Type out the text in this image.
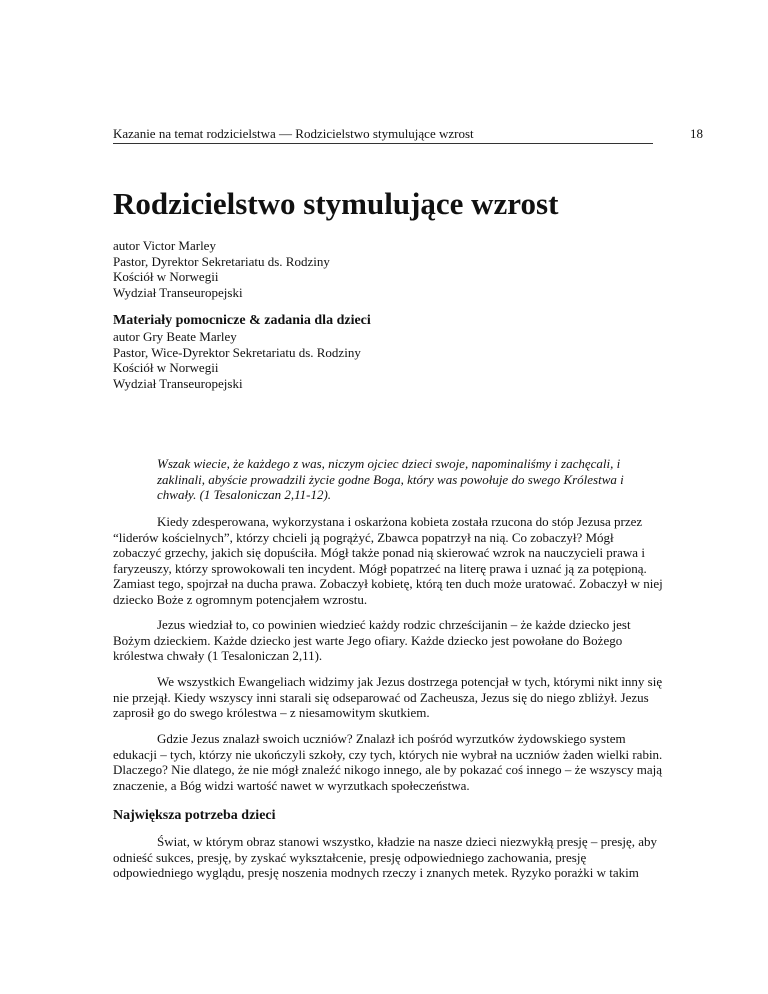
Kazanie na temat rodzicielstwa — Rodzicielstwo stymulujące wzrost	18
Rodzicielstwo stymulujące wzrost
autor Victor Marley
Pastor, Dyrektor Sekretariatu ds. Rodziny
Kościół w Norwegii
Wydział Transeuropejski
Materiały pomocnicze & zadania dla dzieci
autor Gry Beate Marley
Pastor, Wice-Dyrektor Sekretariatu ds. Rodziny
Kościół w Norwegii
Wydział Transeuropejski
Wszak wiecie, że każdego z was, niczym ojciec dzieci swoje, napominaliśmy i zachęcali, i zaklinali, abyście prowadzili życie godne Boga, który was powołuje do swego Królestwa i chwały. (1 Tesaloniczan 2,11-12).

Kiedy zdesperowana, wykorzystana i oskarżona kobieta została rzucona do stóp Jezusa przez “liderów kościelnych”, którzy chcieli ją pogrążyć, Zbawca popatrzył na nią. Co zobaczył? Mógł zobaczyć grzechy, jakich się dopuściła. Mógł także ponad nią skierować wzrok na nauczycieli prawa i faryzeuszy, którzy sprowokowali ten incydent. Mógł popatrzeć na literę prawa i uznać ją za potępioną. Zamiast tego, spojrzał na ducha prawa. Zobaczył kobietę, którą ten duch może uratować. Zobaczył w niej dziecko Boże z ogromnym potencjałem wzrostu.

Jezus wiedział to, co powinien wiedzieć każdy rodzic chrześcijanin – że każde dziecko jest Bożym dzieckiem. Każde dziecko jest warte Jego ofiary. Każde dziecko jest powołane do Bożego królestwa chwały (1 Tesaloniczan 2,11).

We wszystkich Ewangeliach widzimy jak Jezus dostrzega potencjał w tych, którymi nikt inny się nie przejął. Kiedy wszyscy inni starali się odseparować od Zacheusza, Jezus się do niego zbliżył. Jezus zaprosił go do swego królestwa – z niesamowitym skutkiem.

Gdzie Jezus znalazł swoich uczniów? Znalazł ich pośród wyrzutków żydowskiego system edukacji – tych, którzy nie ukończyli szkoły, czy tych, których nie wybrał na uczniów żaden wielki rabin. Dlaczego? Nie dlatego, że nie mógł znaleźć nikogo innego, ale by pokazać coś innego – że wszyscy mają znaczenie, a Bóg widzi wartość nawet w wyrzutkach społeczeństwa.

Największa potrzeba dzieci

Świat, w którym obraz stanowi wszystko, kładzie na nasze dzieci niezwykłą presję – presję, aby odnieść sukces, presję, by zyskać wykształcenie, presję odpowiedniego zachowania, presję odpowiedniego wyglądu, presję noszenia modnych rzeczy i znanych metek. Ryzyko porażki w takim
